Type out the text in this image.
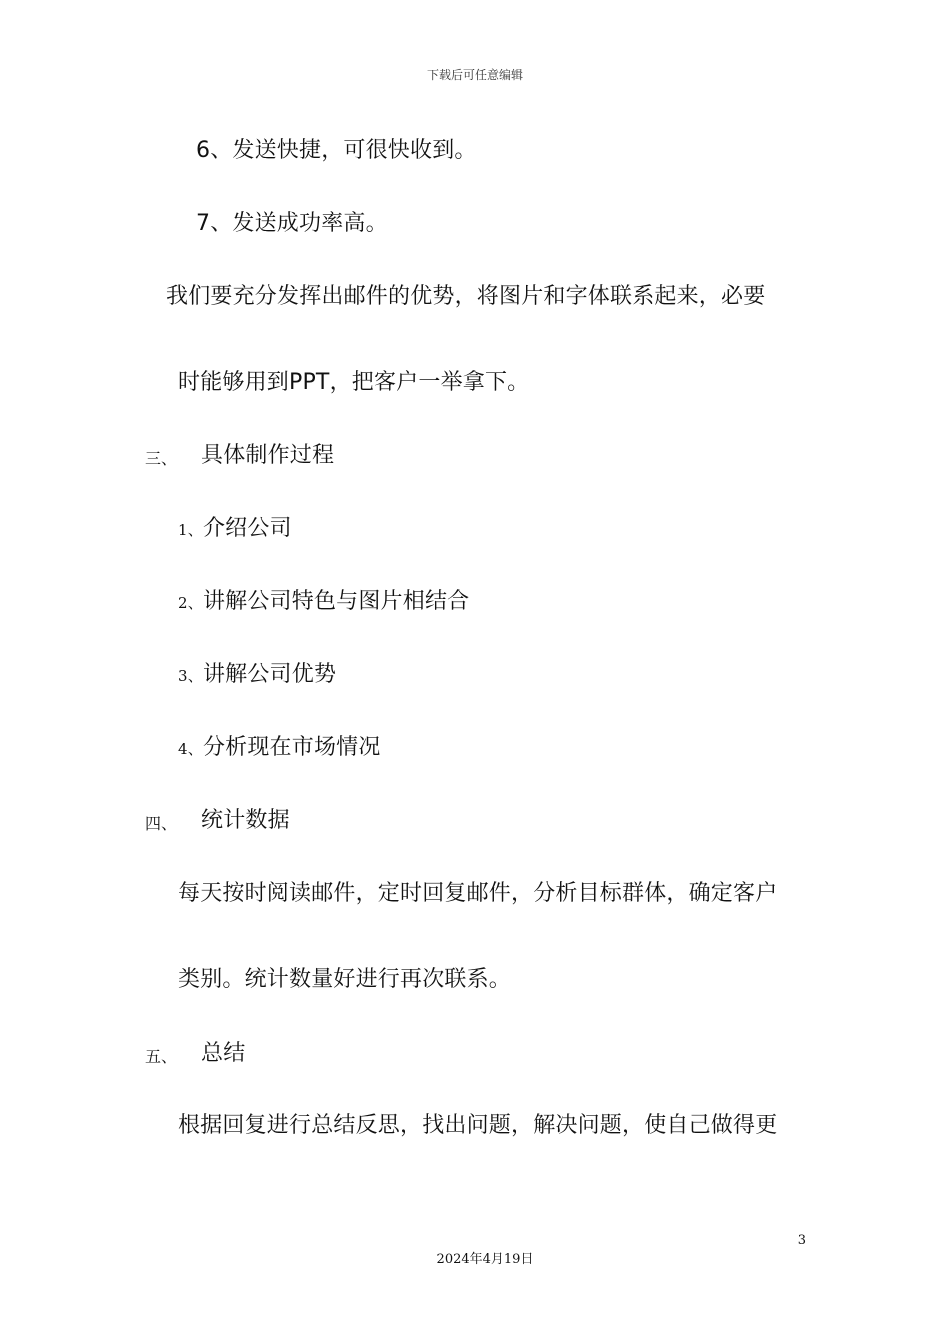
下载后可任意编辑
6、发送快捷，可很快收到。
7、发送成功率高。
我们要充分发挥出邮件的优势，将图片和字体联系起来，必要
时能够用到PPT，把客户一举拿下。
三、 具体制作过程
1、介绍公司
2、讲解公司特色与图片相结合
3、讲解公司优势
4、分析现在市场情况
四、 统计数据
每天按时阅读邮件，定时回复邮件，分析目标群体，确定客户
类别。统计数量好进行再次联系。
五、 总结
根据回复进行总结反思，找出问题，解决问题，使自己做得更
3
2024年4月19日
